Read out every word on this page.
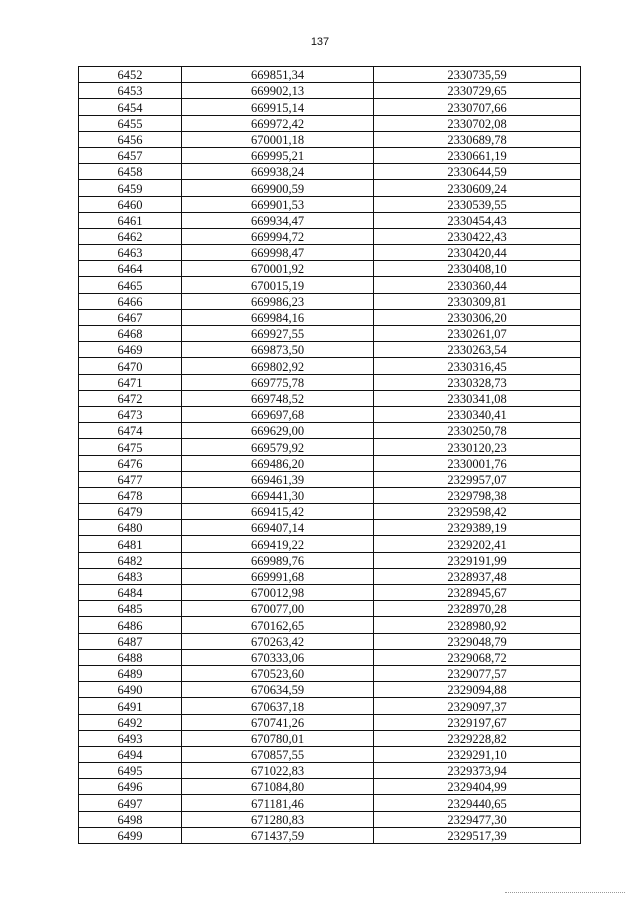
137
6452	669851,34	2330735,59
6453	669902,13	2330729,65
6454	669915,14	2330707,66
6455	669972,42	2330702,08
6456	670001,18	2330689,78
6457	669995,21	2330661,19
6458	669938,24	2330644,59
6459	669900,59	2330609,24
6460	669901,53	2330539,55
6461	669934,47	2330454,43
6462	669994,72	2330422,43
6463	669998,47	2330420,44
6464	670001,92	2330408,10
6465	670015,19	2330360,44
6466	669986,23	2330309,81
6467	669984,16	2330306,20
6468	669927,55	2330261,07
6469	669873,50	2330263,54
6470	669802,92	2330316,45
6471	669775,78	2330328,73
6472	669748,52	2330341,08
6473	669697,68	2330340,41
6474	669629,00	2330250,78
6475	669579,92	2330120,23
6476	669486,20	2330001,76
6477	669461,39	2329957,07
6478	669441,30	2329798,38
6479	669415,42	2329598,42
6480	669407,14	2329389,19
6481	669419,22	2329202,41
6482	669989,76	2329191,99
6483	669991,68	2328937,48
6484	670012,98	2328945,67
6485	670077,00	2328970,28
6486	670162,65	2328980,92
6487	670263,42	2329048,79
6488	670333,06	2329068,72
6489	670523,60	2329077,57
6490	670634,59	2329094,88
6491	670637,18	2329097,37
6492	670741,26	2329197,67
6493	670780,01	2329228,82
6494	670857,55	2329291,10
6495	671022,83	2329373,94
6496	671084,80	2329404,99
6497	671181,46	2329440,65
6498	671280,83	2329477,30
6499	671437,59	2329517,39
